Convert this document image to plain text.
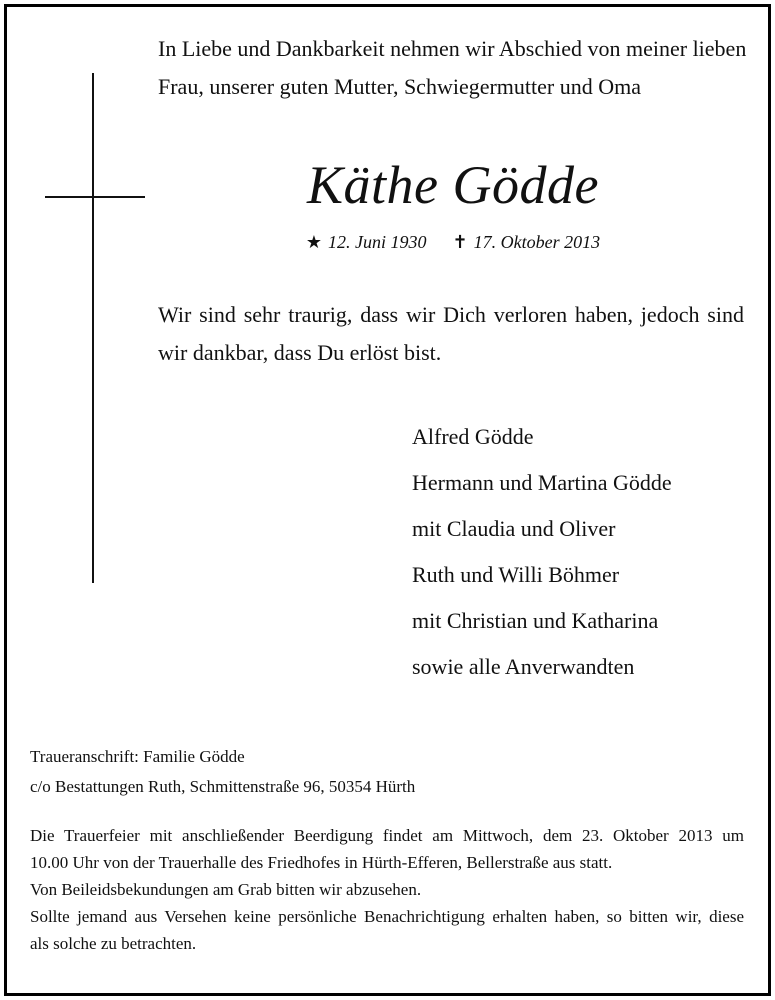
In Liebe und Dankbarkeit nehmen wir Abschied von meiner lieben
Frau, unserer guten Mutter, Schwiegermutter und Oma
Käthe Gödde
★ 12. Juni 1930 ✝ 17. Oktober 2013
Wir sind sehr traurig, dass wir Dich verloren haben, jedoch sind wir dankbar, dass Du erlöst bist.
Alfred Gödde
Hermann und Martina Gödde
mit Claudia und Oliver
Ruth und Willi Böhmer
mit Christian und Katharina
sowie alle Anverwandten
Traueranschrift: Familie Gödde
c/o Bestattungen Ruth, Schmittenstraße 96, 50354 Hürth
Die Trauerfeier mit anschließender Beerdigung findet am Mittwoch, dem 23. Oktober 2013 um
10.00 Uhr von der Trauerhalle des Friedhofes in Hürth-Efferen, Bellerstraße aus statt.
Von Beileidsbekundungen am Grab bitten wir abzusehen.
Sollte jemand aus Versehen keine persönliche Benachrichtigung erhalten haben, so bitten wir, diese
als solche zu betrachten.
